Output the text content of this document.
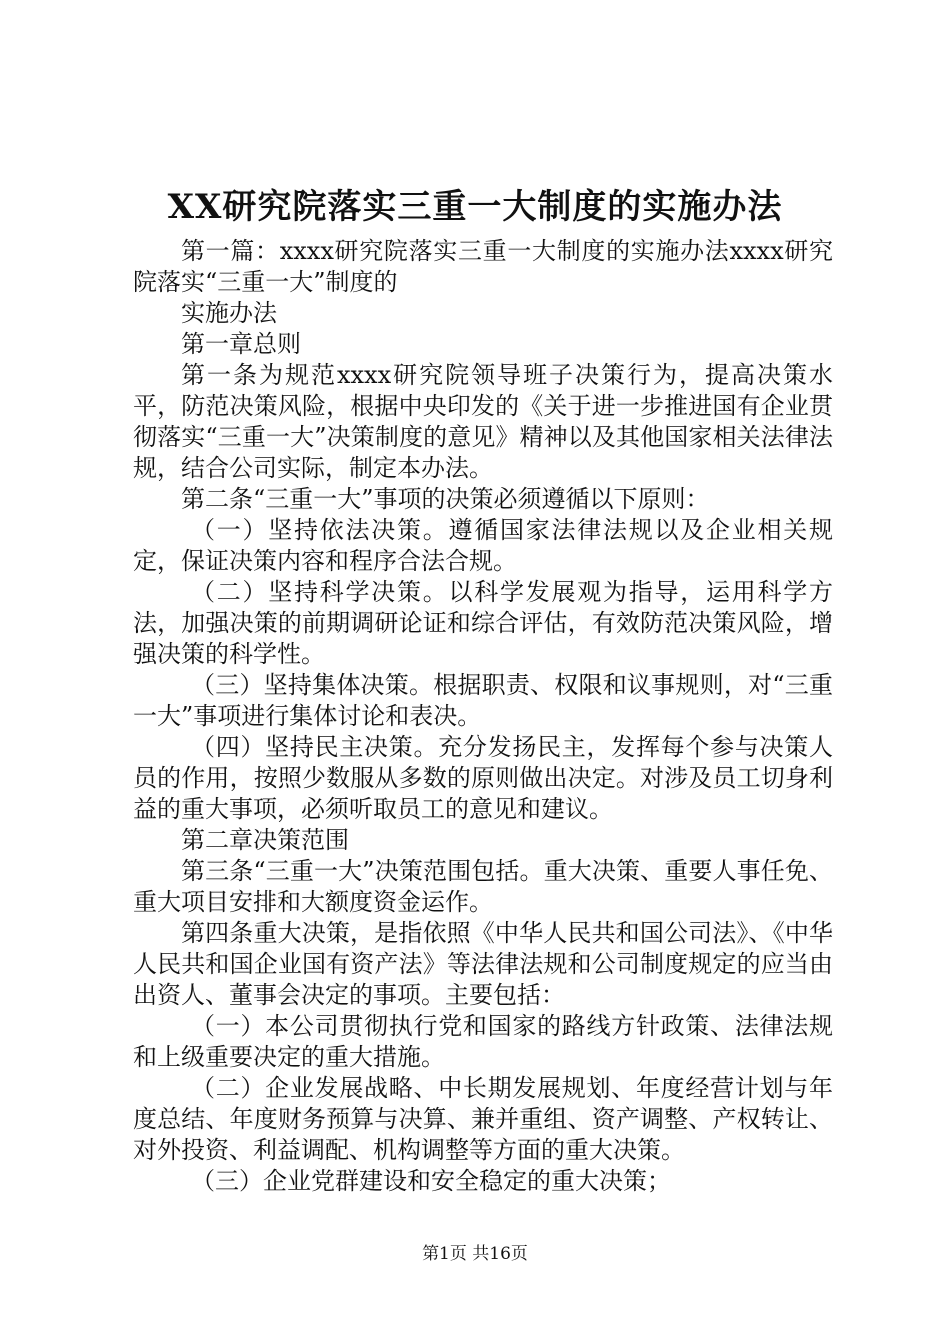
XX研究院落实三重一大制度的实施办法

第一篇：xxxx研究院落实三重一大制度的实施办法xxxx研究院落实“三重一大”制度的

实施办法

第一章总则

第一条为规范xxxx研究院领导班子决策行为，提高决策水平，防范决策风险，根据中央印发的《关于进一步推进国有企业贯彻落实“三重一大”决策制度的意见》精神以及其他国家相关法律法规，结合公司实际，制定本办法。

第二条“三重一大”事项的决策必须遵循以下原则：

（一）坚持依法决策。遵循国家法律法规以及企业相关规定，保证决策内容和程序合法合规。

（二）坚持科学决策。以科学发展观为指导，运用科学方法，加强决策的前期调研论证和综合评估，有效防范决策风险，增强决策的科学性。

（三）坚持集体决策。根据职责、权限和议事规则，对“三重一大”事项进行集体讨论和表决。

（四）坚持民主决策。充分发扬民主，发挥每个参与决策人员的作用，按照少数服从多数的原则做出决定。对涉及员工切身利益的重大事项，必须听取员工的意见和建议。

第二章决策范围

第三条“三重一大”决策范围包括。重大决策、重要人事任免、重大项目安排和大额度资金运作。

第四条重大决策，是指依照《中华人民共和国公司法》、《中华人民共和国企业国有资产法》等法律法规和公司制度规定的应当由出资人、董事会决定的事项。主要包括：

（一）本公司贯彻执行党和国家的路线方针政策、法律法规和上级重要决定的重大措施。

（二）企业发展战略、中长期发展规划、年度经营计划与年度总结、年度财务预算与决算、兼并重组、资产调整、产权转让、对外投资、利益调配、机构调整等方面的重大决策。

（三）企业党群建设和安全稳定的重大决策；

第1页 共16页
